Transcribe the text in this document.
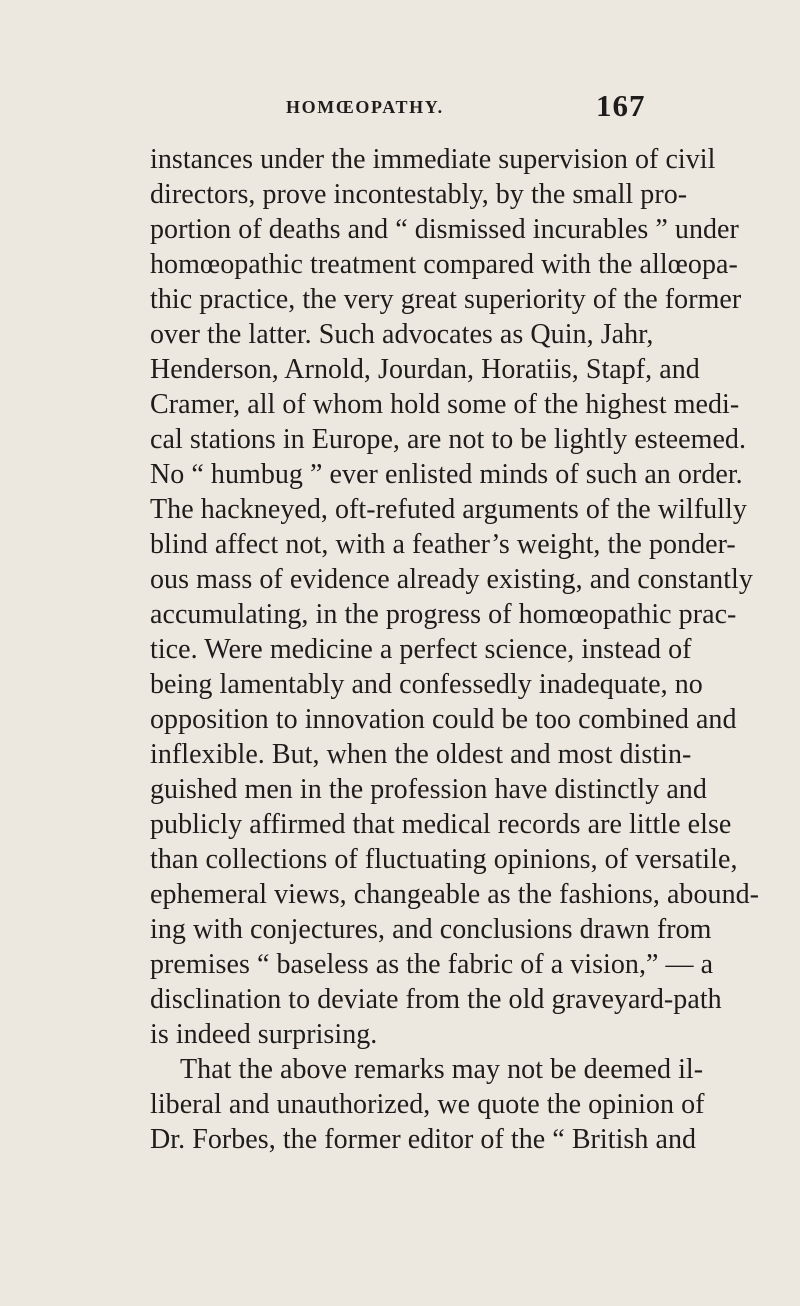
HOMŒOPATHY.	167
instances under the immediate supervision of civil
directors, prove incontestably, by the small pro-
portion of deaths and “ dismissed incurables ” under
homœopathic treatment compared with the allœopa-
thic practice, the very great superiority of the former
over the latter. Such advocates as Quin, Jahr,
Henderson, Arnold, Jourdan, Horatiis, Stapf, and
Cramer, all of whom hold some of the highest medi-
cal stations in Europe, are not to be lightly esteemed.
No “ humbug ” ever enlisted minds of such an order.
The hackneyed, oft-refuted arguments of the wilfully
blind affect not, with a feather’s weight, the ponder-
ous mass of evidence already existing, and constantly
accumulating, in the progress of homœopathic prac-
tice. Were medicine a perfect science, instead of
being lamentably and confessedly inadequate, no
opposition to innovation could be too combined and
inflexible. But, when the oldest and most distin-
guished men in the profession have distinctly and
publicly affirmed that medical records are little else
than collections of fluctuating opinions, of versatile,
ephemeral views, changeable as the fashions, abound-
ing with conjectures, and conclusions drawn from
premises “ baseless as the fabric of a vision,” — a
disclination to deviate from the old graveyard-path
is indeed surprising.
That the above remarks may not be deemed il-
liberal and unauthorized, we quote the opinion of
Dr. Forbes, the former editor of the “ British and
